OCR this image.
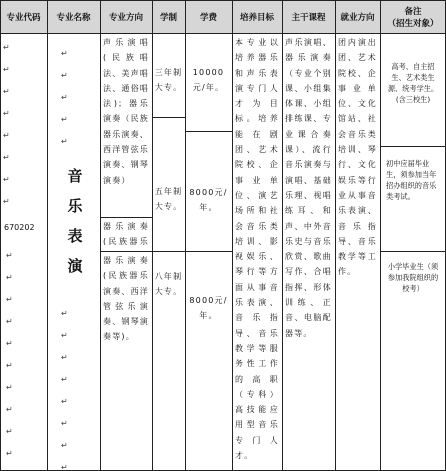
专业代码 专业名称 专业方向 学制	学费	培养目标 主干课程 就业方向
备注
（招生对象）
↵
↵
↵
↵
↵
↵
↵
↵
670202
↵
↵
↵
↵
↵
↵
↵
↵
↵
↵
↵
↵
↵
↵
↵
音
乐
表
演
↵
↵
↵
↵
↵
↵
↵
↵
声乐演唱(民族唱法、美声唱法、通俗唱法)；器乐演奏（民族器乐演奏、西洋管弦乐演奏、钢琴演奏）
器乐演奏(民族器乐
器乐演奏(民族器乐演奏、西洋管弦乐演奏、钢琴演奏等)。
三年制大专。
八年制大专。
10000元/年。
8000元/年。
8000元/年。
五年制大专。
本专业以培养器乐和声乐表演专门人才为目标。培养能在剧团、艺术院校、企事业单位、演艺场所和社会音乐类培训、影视娱乐、琴行等方面从事音乐表演、音乐指导、音乐教学等服务性工作的高职（专科）高技能应用型音乐专门人才。
声乐演唱、器乐演奏（专业个别课、小组集体课、小组排练课、专业课合奏课）、流行音乐演奏与演唱、基础乐理、视唱练耳、和声、中外音乐史与音乐欣赏、歌曲写作、合唱指挥、形体训练、正音、电脑配器等。
团内演出团、艺术院校、企事业单位、文化馆站、社会音乐类培训、琴行、文化娱乐等行业从事音乐表演、音乐指导、音乐教学等工作。
高考、自主招生、艺术类生源、统考学生。(含三校生)
初中应届毕业生，须参加当年招办组织的音乐类考试。
小学毕业生（须参加我院组织的校考）
